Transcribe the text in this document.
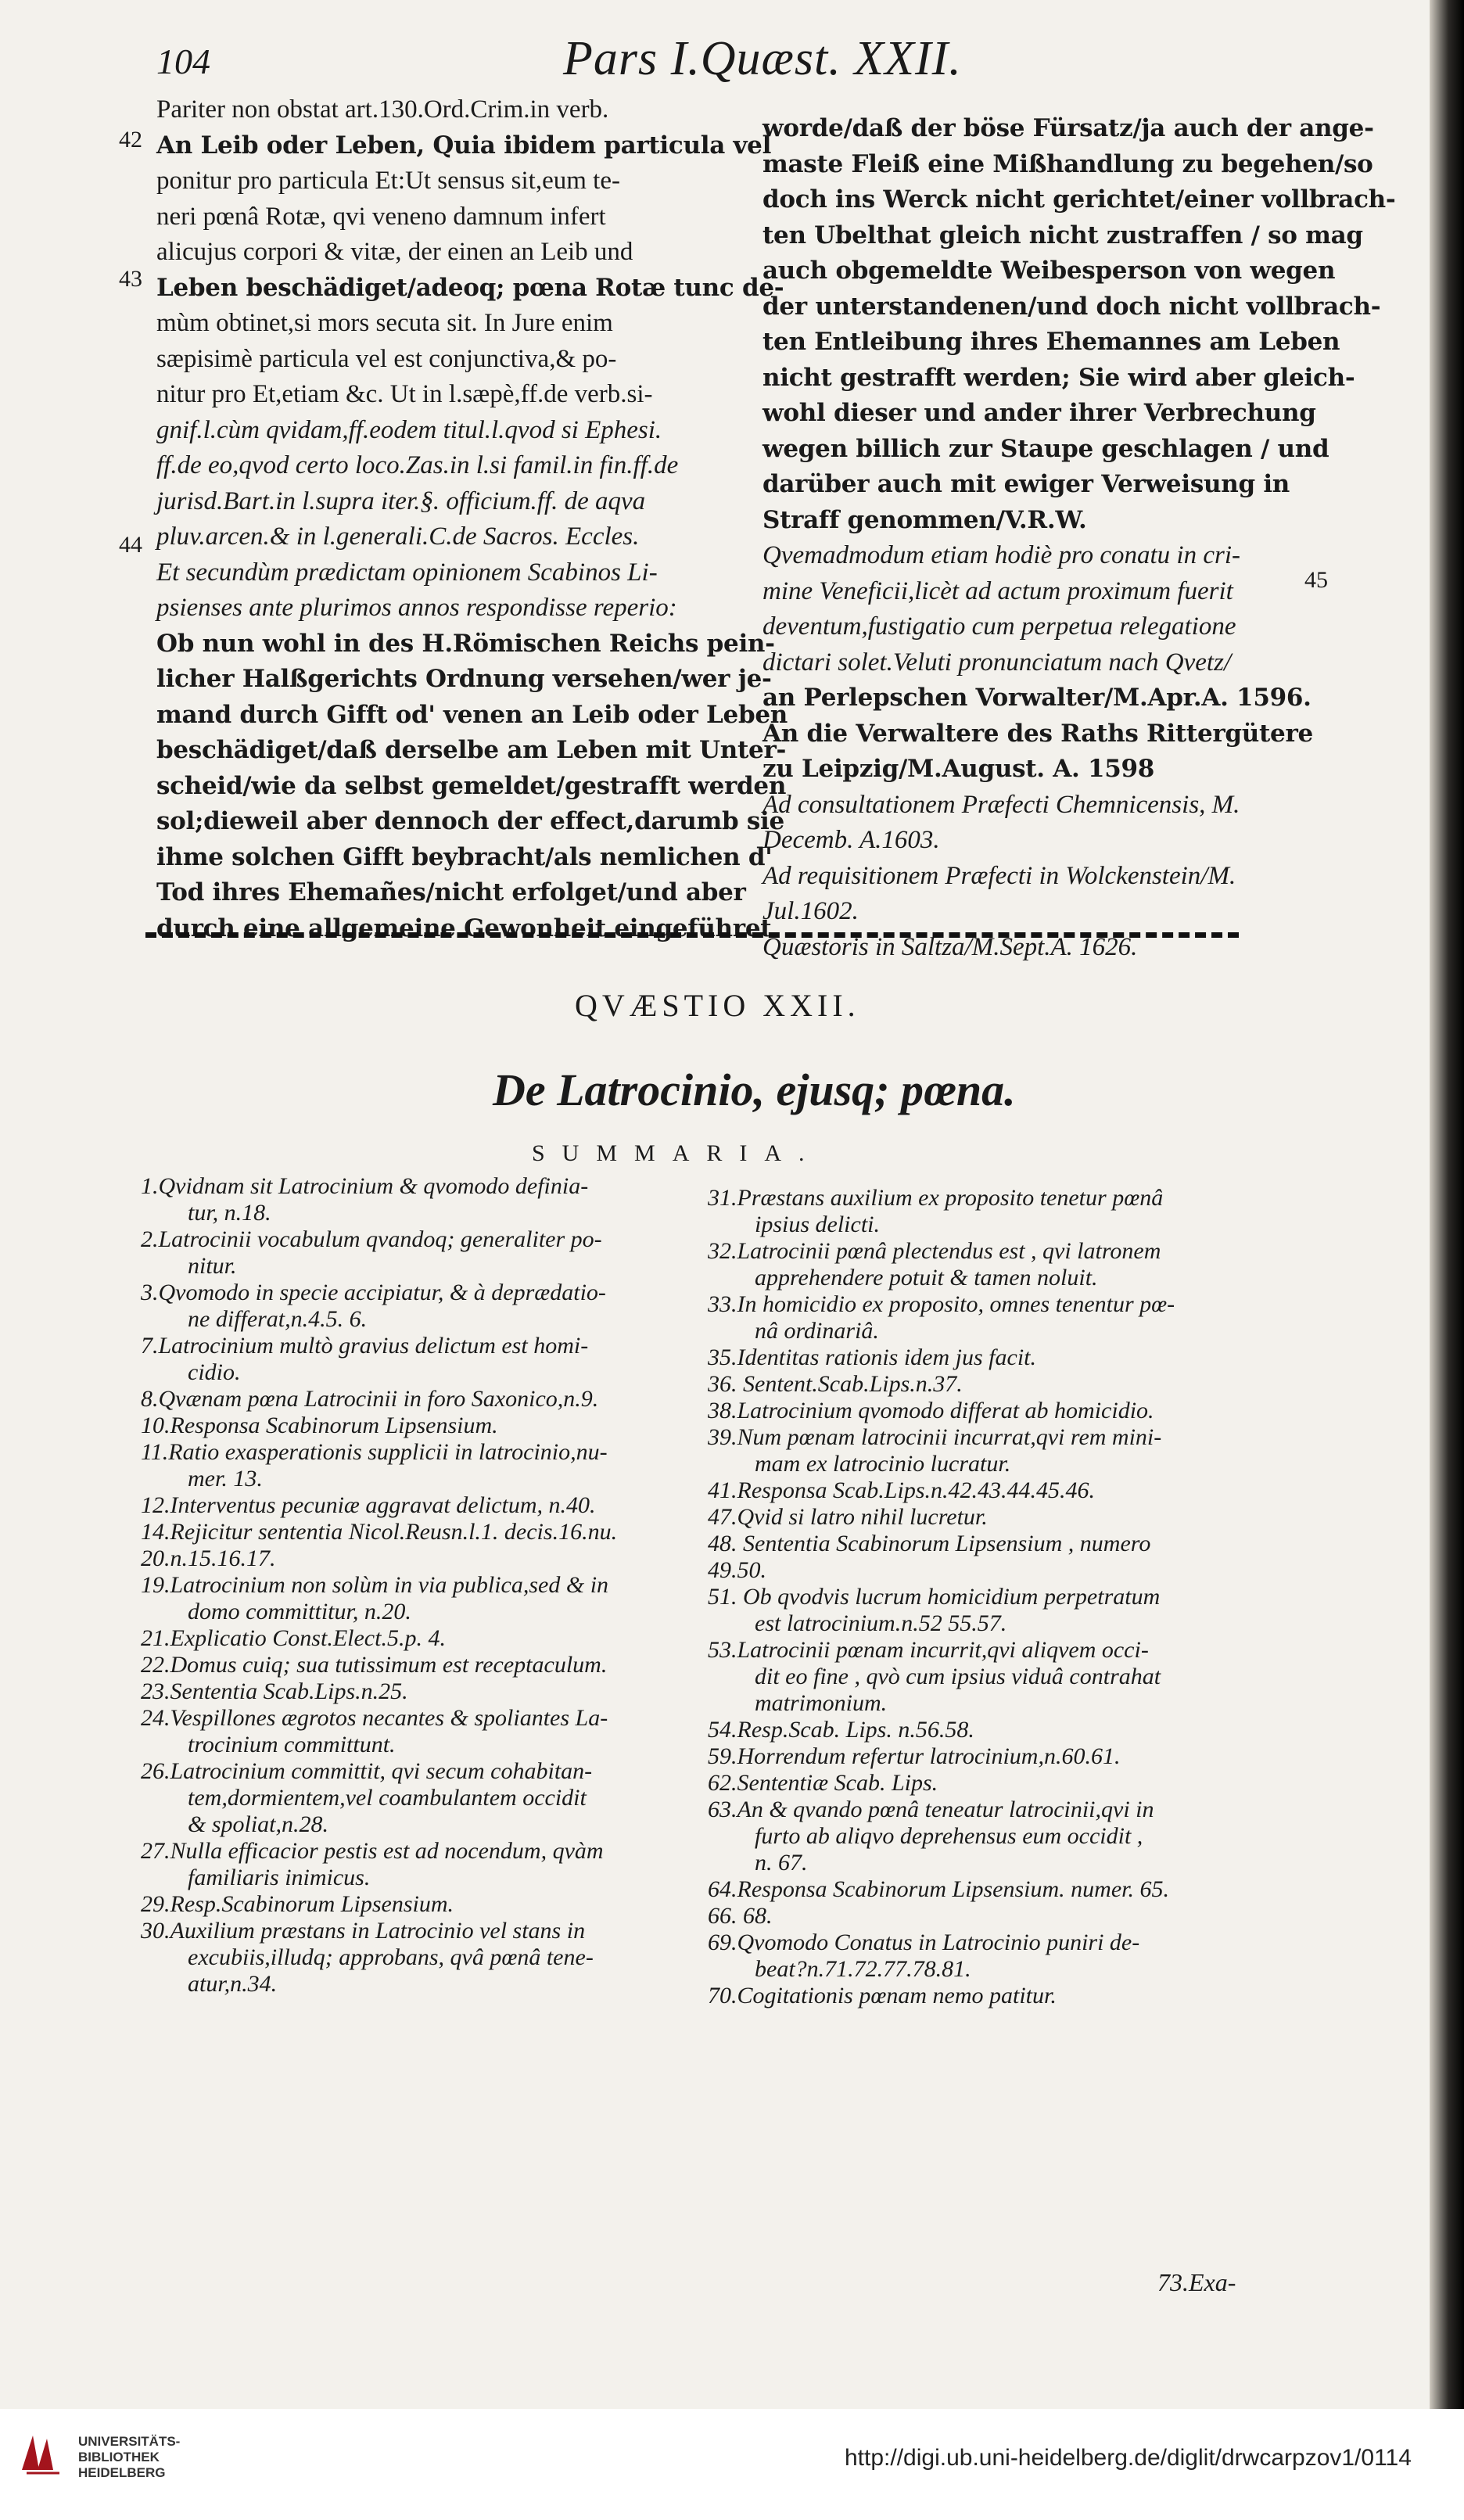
104	Pars I.Quæst. XXII.
42
43
44
45

Pariter non obstat art.130.Ord.Crim.in verb.

An Leib oder Leben, Quia ibidem particula vel

ponitur pro particula Et:Ut sensus sit,eum te-

neri pœnâ Rotæ, qvi veneno damnum infert

alicujus corpori & vitæ, der einen an Leib und

Leben beschädiget/adeoq; pœna Rotæ tunc de-

mùm obtinet,si mors secuta sit. In Jure enim

sæpisimè particula vel est conjunctiva,& po-

nitur pro Et,etiam &c. Ut in l.sæpè,ff.de verb.si-

gnif.l.cùm qvidam,ff.eodem titul.l.qvod si Ephesi.

ff.de eo,qvod certo loco.Zas.in l.si famil.in fin.ff.de

jurisd.Bart.in l.supra iter.§. officium.ff. de aqva

pluv.arcen.& in l.generali.C.de Sacros. Eccles.

Et secundùm prædictam opinionem Scabinos Li-

psienses ante plurimos annos respondisse reperio:

Ob nun wohl in des H.Römischen Reichs pein-

licher Halßgerichts Ordnung versehen/wer je-

mand durch Gifft od' venen an Leib oder Leben

beschädiget/daß derselbe am Leben mit Unter-

scheid/wie da selbst gemeldet/gestrafft werden

sol;dieweil aber dennoch der effect,darumb sie

ihme solchen Gifft beybracht/als nemlichen d'

Tod ihres Ehemañes/nicht erfolget/und aber

durch eine allgemeine Gewonheit eingeführet

worde/daß der böse Fürsatz/ja auch der ange-

maste Fleiß eine Mißhandlung zu begehen/so

doch ins Werck nicht gerichtet/einer vollbrach-

ten Ubelthat gleich nicht zustraffen / so mag

auch obgemeldte Weibesperson von wegen

der unterstandenen/und doch nicht vollbrach-

ten Entleibung ihres Ehemannes am Leben

nicht gestrafft werden; Sie wird aber gleich-

wohl dieser und ander ihrer Verbrechung

wegen billich zur Staupe geschlagen / und

darüber auch mit ewiger Verweisung in

Straff genommen/V.R.W.

Qvemadmodum etiam hodiè pro conatu in cri-

mine Veneficii,licèt ad actum proximum fuerit

deventum,fustigatio cum perpetua relegatione

dictari solet.Veluti pronunciatum nach Qvetz/

an Perlepschen Vorwalter/M.Apr.A. 1596.

An die Verwaltere des Raths Rittergütere

zu Leipzig/M.August. A. 1598

Ad consultationem Præfecti Chemnicensis, M.

Decemb. A.1603.

Ad requisitionem Præfecti in Wolckenstein/M.

Jul.1602.

Quæstoris in Saltza/M.Sept.A. 1626.

QVÆSTIO XXII.
De Latrocinio, ejusq; pœna.
SUMMARIA.

1.Qvidnam sit Latrocinium & qvomodo definia-

tur, n.18.

2.Latrocinii vocabulum qvandoq; generaliter po-

nitur.

3.Qvomodo in specie accipiatur, & à deprædatio-

ne differat,n.4.5. 6.

7.Latrocinium multò gravius delictum est homi-

cidio.

8.Qvænam pœna Latrocinii in foro Saxonico,n.9.

10.Responsa Scabinorum Lipsensium.

11.Ratio exasperationis supplicii in latrocinio,nu-

mer. 13.

12.Interventus pecuniæ aggravat delictum, n.40.

14.Rejicitur sententia Nicol.Reusn.l.1. decis.16.nu.

20.n.15.16.17.

19.Latrocinium non solùm in via publica,sed & in

domo committitur, n.20.

21.Explicatio Const.Elect.5.p. 4.

22.Domus cuiq; sua tutissimum est receptaculum.

23.Sententia Scab.Lips.n.25.

24.Vespillones ægrotos necantes & spoliantes La-

trocinium committunt.

26.Latrocinium committit, qvi secum cohabitan-

tem,dormientem,vel coambulantem occidit

& spoliat,n.28.

27.Nulla efficacior pestis est ad nocendum, qvàm

familiaris inimicus.

29.Resp.Scabinorum Lipsensium.

30.Auxilium præstans in Latrocinio vel stans in

excubiis,illudq; approbans, qvâ pœnâ tene-

atur,n.34.

31.Præstans auxilium ex proposito tenetur pœnâ

ipsius delicti.

32.Latrocinii pœnâ plectendus est , qvi latronem

apprehendere potuit & tamen noluit.

33.In homicidio ex proposito, omnes tenentur pœ-

nâ ordinariâ.

35.Identitas rationis idem jus facit.

36. Sentent.Scab.Lips.n.37.

38.Latrocinium qvomodo differat ab homicidio.

39.Num pœnam latrocinii incurrat,qvi rem mini-

mam ex latrocinio lucratur.

41.Responsa Scab.Lips.n.42.43.44.45.46.

47.Qvid si latro nihil lucretur.

48. Sententia Scabinorum Lipsensium , numero

49.50.

51. Ob qvodvis lucrum homicidium perpetratum

est latrocinium.n.52 55.57.

53.Latrocinii pœnam incurrit,qvi aliqvem occi-

dit eo fine , qvò cum ipsius viduâ contrahat

matrimonium.

54.Resp.Scab. Lips. n.56.58.

59.Horrendum refertur latrocinium,n.60.61.

62.Sententiæ Scab. Lips.

63.An & qvando pœnâ teneatur latrocinii,qvi in

furto ab aliqvo deprehensus eum occidit ,

n. 67.

64.Responsa Scabinorum Lipsensium. numer. 65.

66. 68.

69.Qvomodo Conatus in Latrocinio puniri de-

beat?n.71.72.77.78.81.

70.Cogitationis pœnam nemo patitur.

73.Exa-
UNIVERSITÄTS-
BIBLIOTHEK
HEIDELBERG
http://digi.ub.uni-heidelberg.de/diglit/drwcarpzov1/0114
